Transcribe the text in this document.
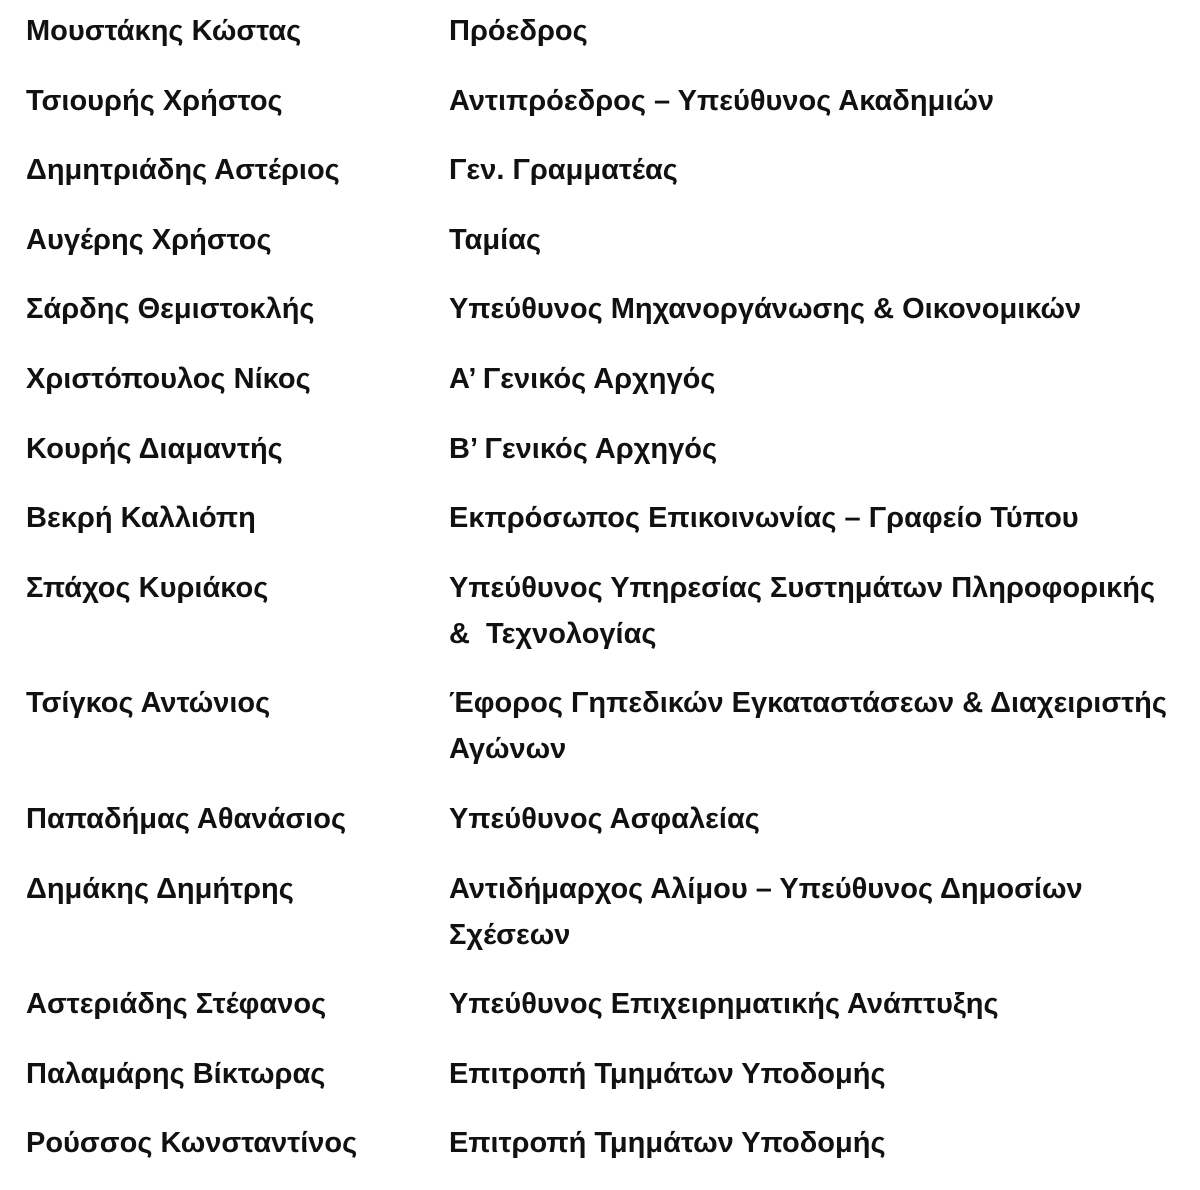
Μουστάκης Κώστας	Πρόεδρος
Τσιουρής Χρήστος	Αντιπρόεδρος – Υπεύθυνος Ακαδημιών
Δημητριάδης Αστέριος	Γεν. Γραμματέας
Αυγέρης Χρήστος	Ταμίας
Σάρδης Θεμιστοκλής	Υπεύθυνος Μηχανοργάνωσης & Οικονομικών
Χριστόπουλος Νίκος	Α’ Γενικός Αρχηγός
Κουρής Διαμαντής	Β’ Γενικός Αρχηγός
Βεκρή Καλλιόπη	Εκπρόσωπος Επικοινωνίας – Γραφείο Τύπου
Σπάχος Κυριάκος	Υπεύθυνος Υπηρεσίας Συστημάτων Πληροφορικής
&  Τεχνολογίας
Τσίγκος Αντώνιος	Έφορος Γηπεδικών Εγκαταστάσεων & Διαχειριστής
Αγώνων
Παπαδήμας Αθανάσιος	Υπεύθυνος Ασφαλείας
Δημάκης Δημήτρης	Αντιδήμαρχος Αλίμου – Υπεύθυνος Δημοσίων
Σχέσεων
Αστεριάδης Στέφανος	Υπεύθυνος Επιχειρηματικής Ανάπτυξης
Παλαμάρης Βίκτωρας	Επιτροπή Τμημάτων Υποδομής
Ρούσσος Κωνσταντίνος	Επιτροπή Τμημάτων Υποδομής
